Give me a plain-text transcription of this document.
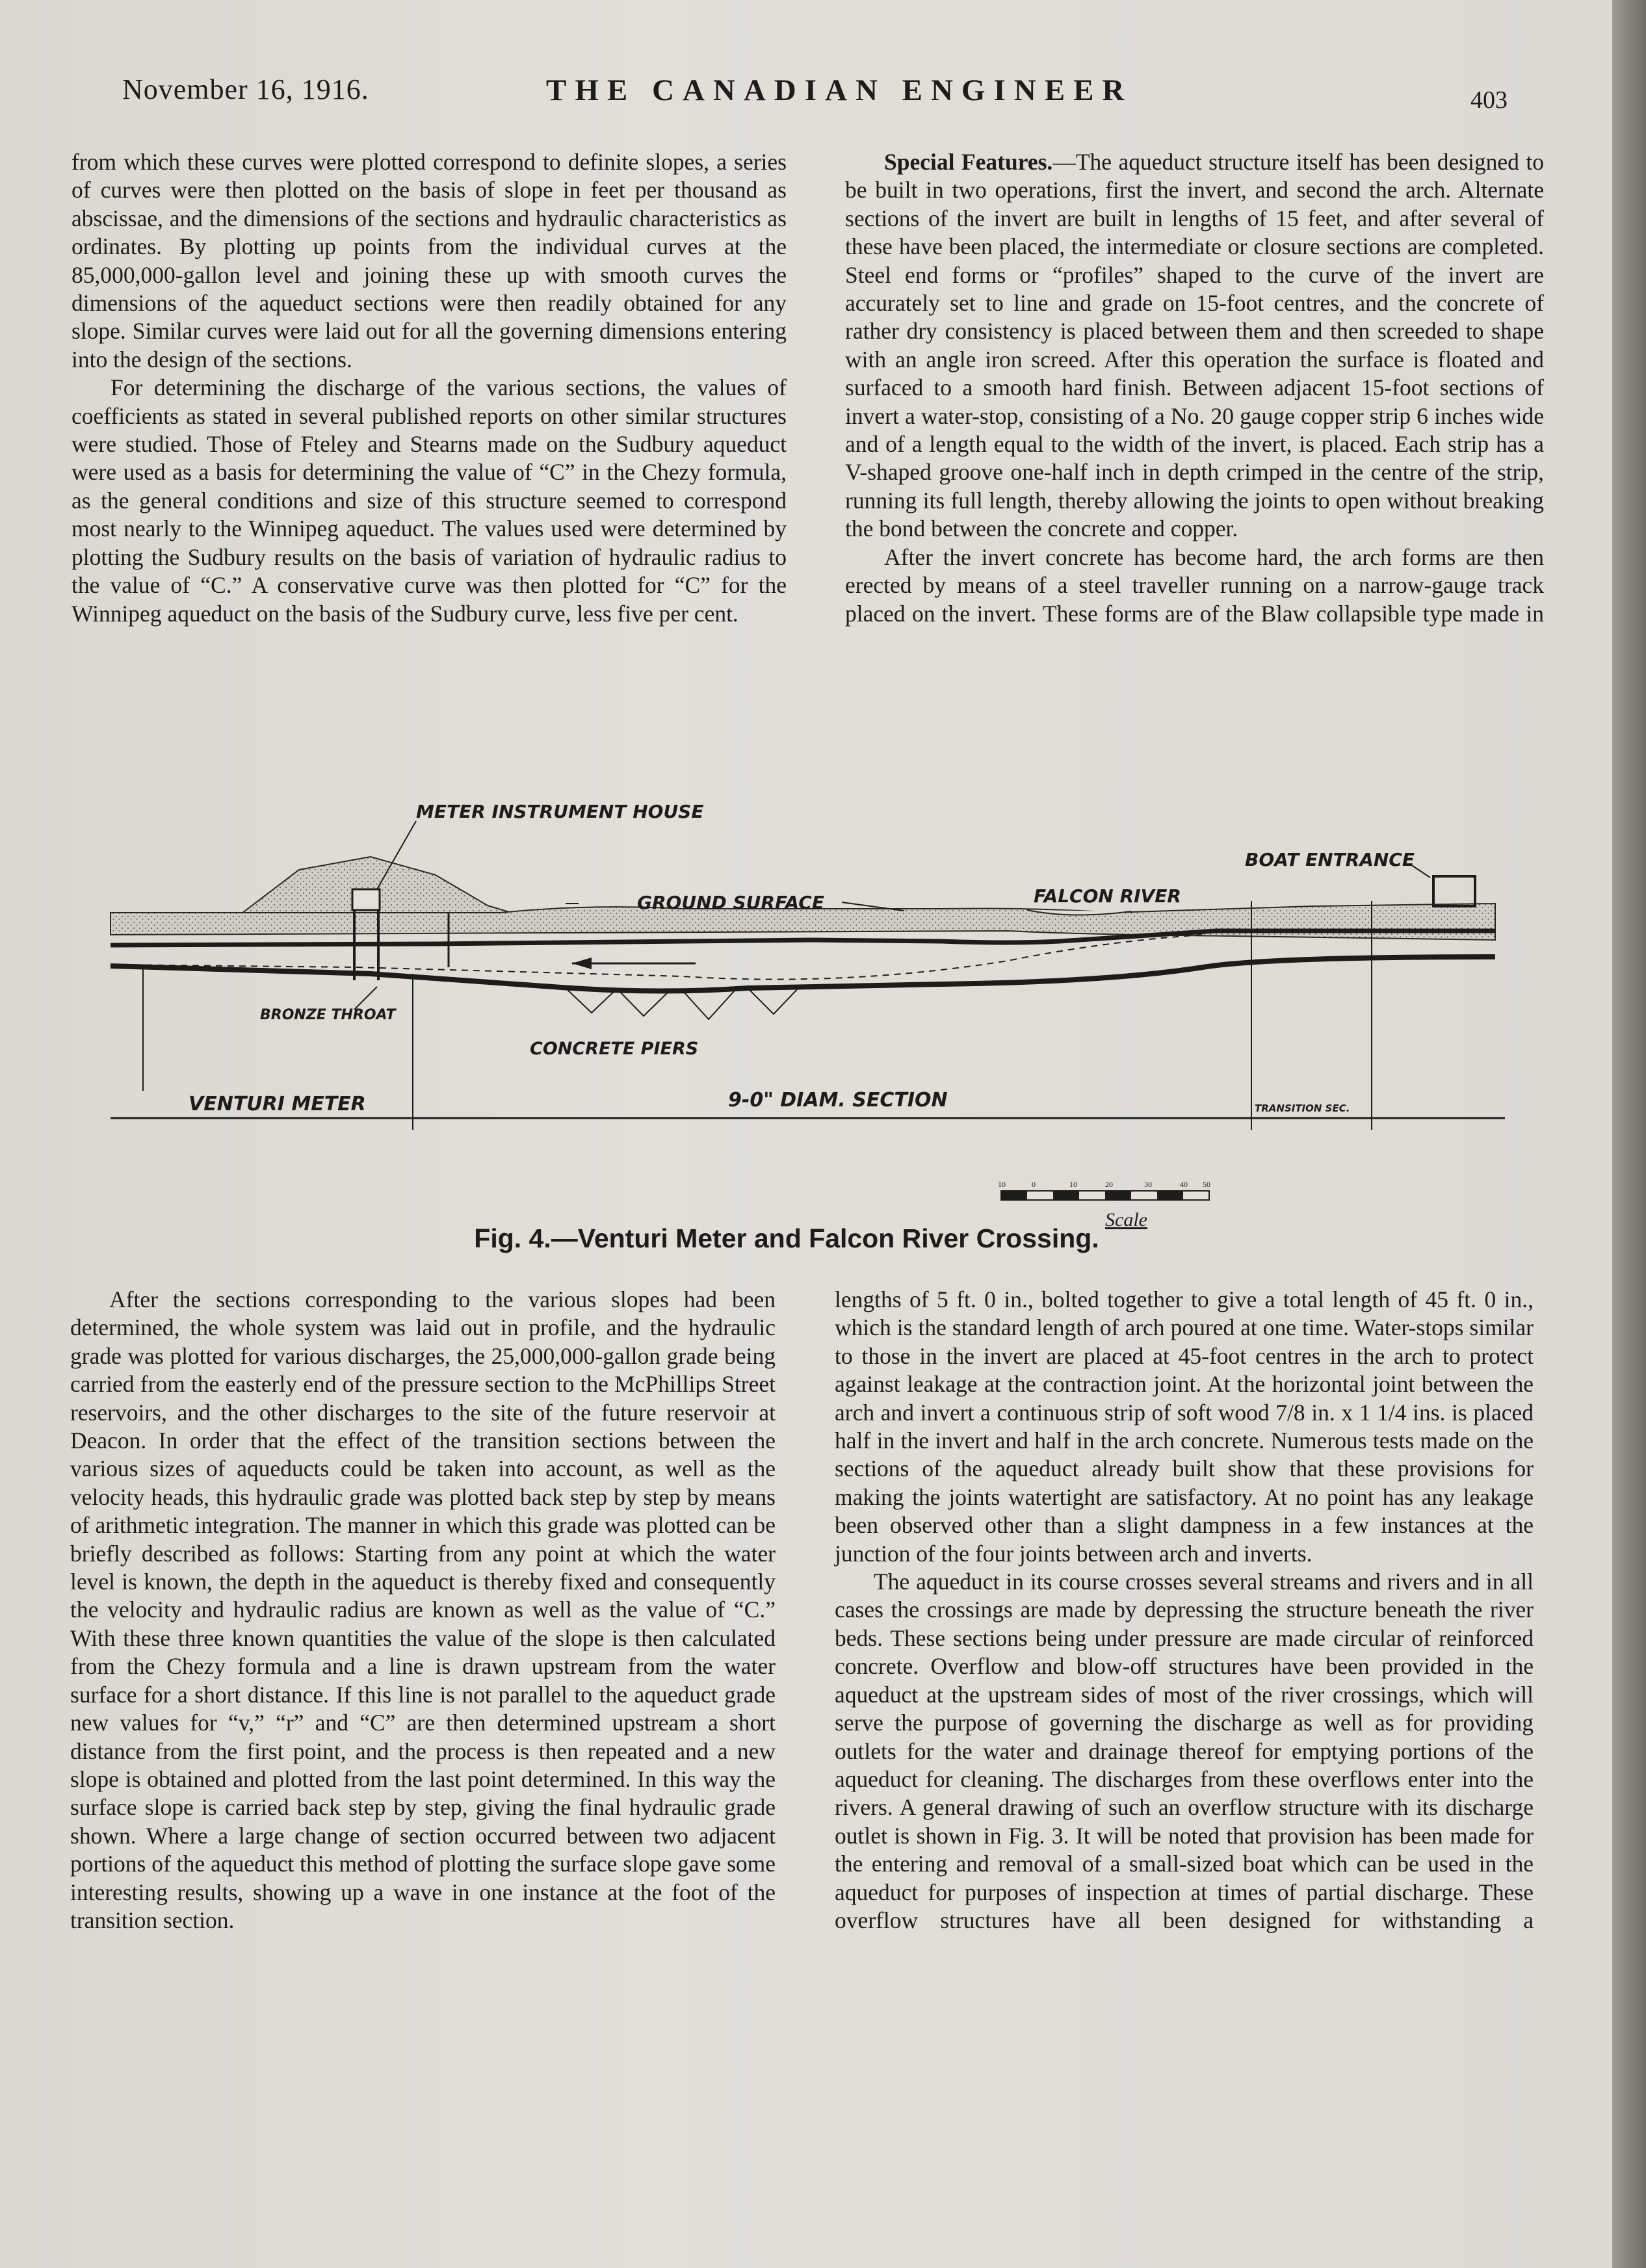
November 16, 1916.	THE CANADIAN ENGINEER	403

from which these curves were plotted correspond to definite slopes, a series of curves were then plotted on the basis of slope in feet per thousand as abscissae, and the dimensions of the sections and hydraulic characteristics as ordinates. By plotting up points from the individual curves at the 85,000,000-gallon level and joining these up with smooth curves the dimensions of the aqueduct sections were then readily obtained for any slope. Similar curves were laid out for all the governing dimensions entering into the design of the sections.

For determining the discharge of the various sections, the values of coefficients as stated in several published reports on other similar structures were studied. Those of Fteley and Stearns made on the Sudbury aqueduct were used as a basis for determining the value of “C” in the Chezy formula, as the general conditions and size of this structure seemed to correspond most nearly to the Winnipeg aqueduct. The values used were determined by plotting the Sudbury results on the basis of variation of hydraulic radius to the value of “C.” A conservative curve was then plotted for “C” for the Winnipeg aqueduct on the basis of the Sudbury curve, less five per cent.

Special Features.—The aqueduct structure itself has been designed to be built in two operations, first the invert, and second the arch. Alternate sections of the invert are built in lengths of 15 feet, and after several of these have been placed, the intermediate or closure sections are completed. Steel end forms or “profiles” shaped to the curve of the invert are accurately set to line and grade on 15-foot centres, and the concrete of rather dry consistency is placed between them and then screeded to shape with an angle iron screed. After this operation the surface is floated and surfaced to a smooth hard finish. Between adjacent 15-foot sections of invert a water-stop, consisting of a No. 20 gauge copper strip 6 inches wide and of a length equal to the width of the invert, is placed. Each strip has a V-shaped groove one-half inch in depth crimped in the centre of the strip, running its full length, thereby allowing the joints to open without breaking the bond between the concrete and copper.

After the invert concrete has become hard, the arch forms are then erected by means of a steel traveller running on a narrow-gauge track placed on the invert. These forms are of the Blaw collapsible type made in

METER INSTRUMENT HOUSE
GROUND SURFACE	FALCON RIVER
BOAT ENTRANCE
BRONZE THROAT
CONCRETE PIERS
VENTURI METER	9-0" DIAM. SECTION	TRANSITION SEC.
10	0	10	20	30	40 50
Scale
Fig. 4.—Venturi Meter and Falcon River Crossing.

After the sections corresponding to the various slopes had been determined, the whole system was laid out in profile, and the hydraulic grade was plotted for various discharges, the 25,000,000-gallon grade being carried from the easterly end of the pressure section to the McPhillips Street reservoirs, and the other discharges to the site of the future reservoir at Deacon. In order that the effect of the transition sections between the various sizes of aqueducts could be taken into account, as well as the velocity heads, this hydraulic grade was plotted back step by step by means of arithmetic integration. The manner in which this grade was plotted can be briefly described as follows: Starting from any point at which the water level is known, the depth in the aqueduct is thereby fixed and consequently the velocity and hydraulic radius are known as well as the value of “C.” With these three known quantities the value of the slope is then calculated from the Chezy formula and a line is drawn upstream from the water surface for a short distance. If this line is not parallel to the aqueduct grade new values for “v,” “r” and “C” are then determined upstream a short distance from the first point, and the process is then repeated and a new slope is obtained and plotted from the last point determined. In this way the surface slope is carried back step by step, giving the final hydraulic grade shown. Where a large change of section occurred between two adjacent portions of the aqueduct this method of plotting the surface slope gave some interesting results, showing up a wave in one instance at the foot of the transition section.

lengths of 5 ft. 0 in., bolted together to give a total length of 45 ft. 0 in., which is the standard length of arch poured at one time. Water-stops similar to those in the invert are placed at 45-foot centres in the arch to protect against leakage at the contraction joint. At the horizontal joint between the arch and invert a continuous strip of soft wood 7/8 in. x 1 1/4 ins. is placed half in the invert and half in the arch concrete. Numerous tests made on the sections of the aqueduct already built show that these provisions for making the joints watertight are satisfactory. At no point has any leakage been observed other than a slight dampness in a few instances at the junction of the four joints between arch and inverts.

The aqueduct in its course crosses several streams and rivers and in all cases the crossings are made by depressing the structure beneath the river beds. These sections being under pressure are made circular of reinforced concrete. Overflow and blow-off structures have been provided in the aqueduct at the upstream sides of most of the river crossings, which will serve the purpose of governing the discharge as well as for providing outlets for the water and drainage thereof for emptying portions of the aqueduct for cleaning. The discharges from these overflows enter into the rivers. A general drawing of such an overflow structure with its discharge outlet is shown in Fig. 3. It will be noted that provision has been made for the entering and removal of a small-sized boat which can be used in the aqueduct for purposes of inspection at times of partial discharge. These overflow structures have all been designed for withstanding a
